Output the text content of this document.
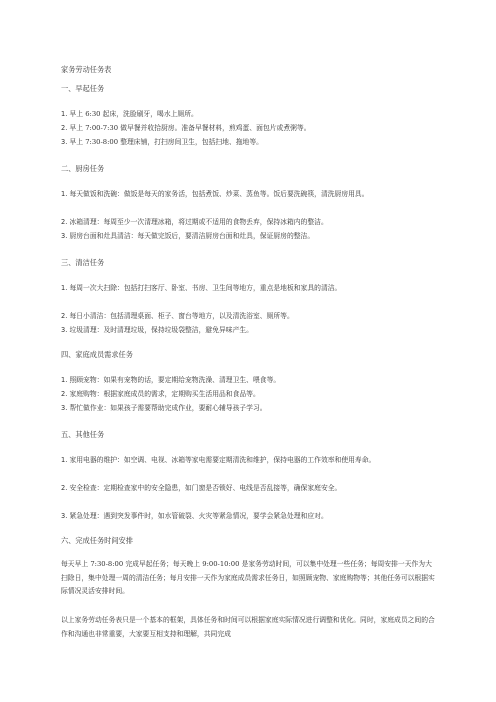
家务劳动任务表
一、早起任务
1. 早上 6:30 起床，洗脸刷牙，喝水上厕所。
2. 早上 7:00-7:30 做早餐并收拾厨房。准备早餐材料，煎鸡蛋、面包片或煮粥等。
3. 早上 7:30-8:00 整理床铺，打扫房间卫生，包括扫地、拖地等。
二、厨房任务
1. 每天做饭和洗碗：做饭是每天的家务活，包括煮饭、炒菜、蒸鱼等。饭后要洗碗筷，清洗厨房用具。
2. 冰箱清理：每周至少一次清理冰箱，将过期或不适用的食物丢弃，保持冰箱内的整洁。
3. 厨房台面和灶具清洁：每天做完饭后，要清洁厨房台面和灶具，保证厨房的整洁。
三、清洁任务
1. 每周一次大扫除：包括打扫客厅、卧室、书房、卫生间等地方，重点是地板和家具的清洁。
2. 每日小清洁：包括清理桌面、柜子、窗台等地方，以及清洗浴室、厕所等。
3. 垃圾清理：及时清理垃圾，保持垃圾袋整洁，避免异味产生。
四、家庭成员需求任务
1. 照顾宠物：如果有宠物的话，要定期给宠物洗澡、清理卫生、喂食等。
2. 家庭购物：根据家庭成员的需求，定期购买生活用品和食品等。
3. 帮忙做作业：如果孩子需要帮助完成作业，要耐心辅导孩子学习。
五、其他任务
1. 家用电器的维护：如空调、电视、冰箱等家电需要定期清洗和维护，保持电器的工作效率和使用寿命。
2. 安全检查：定期检查家中的安全隐患，如门窗是否锁好、电线是否乱接等，确保家庭安全。
3. 紧急处理：遇到突发事件时，如水管破裂、火灾等紧急情况，要学会紧急处理和应对。
六、完成任务时间安排
每天早上 7:30-8:00 完成早起任务；每天晚上 9:00-10:00 是家务劳动时间，可以集中处理一些任务；每周安排一天作为大扫除日，集中处理一周的清洁任务；每月安排一天作为家庭成员需求任务日，如照顾宠物、家庭购物等；其他任务可以根据实际情况灵活安排时间。
以上家务劳动任务表只是一个基本的框架，具体任务和时间可以根据家庭实际情况进行调整和优化。同时，家庭成员之间的合作和沟通也非常重要，大家要互相支持和理解，共同完成
